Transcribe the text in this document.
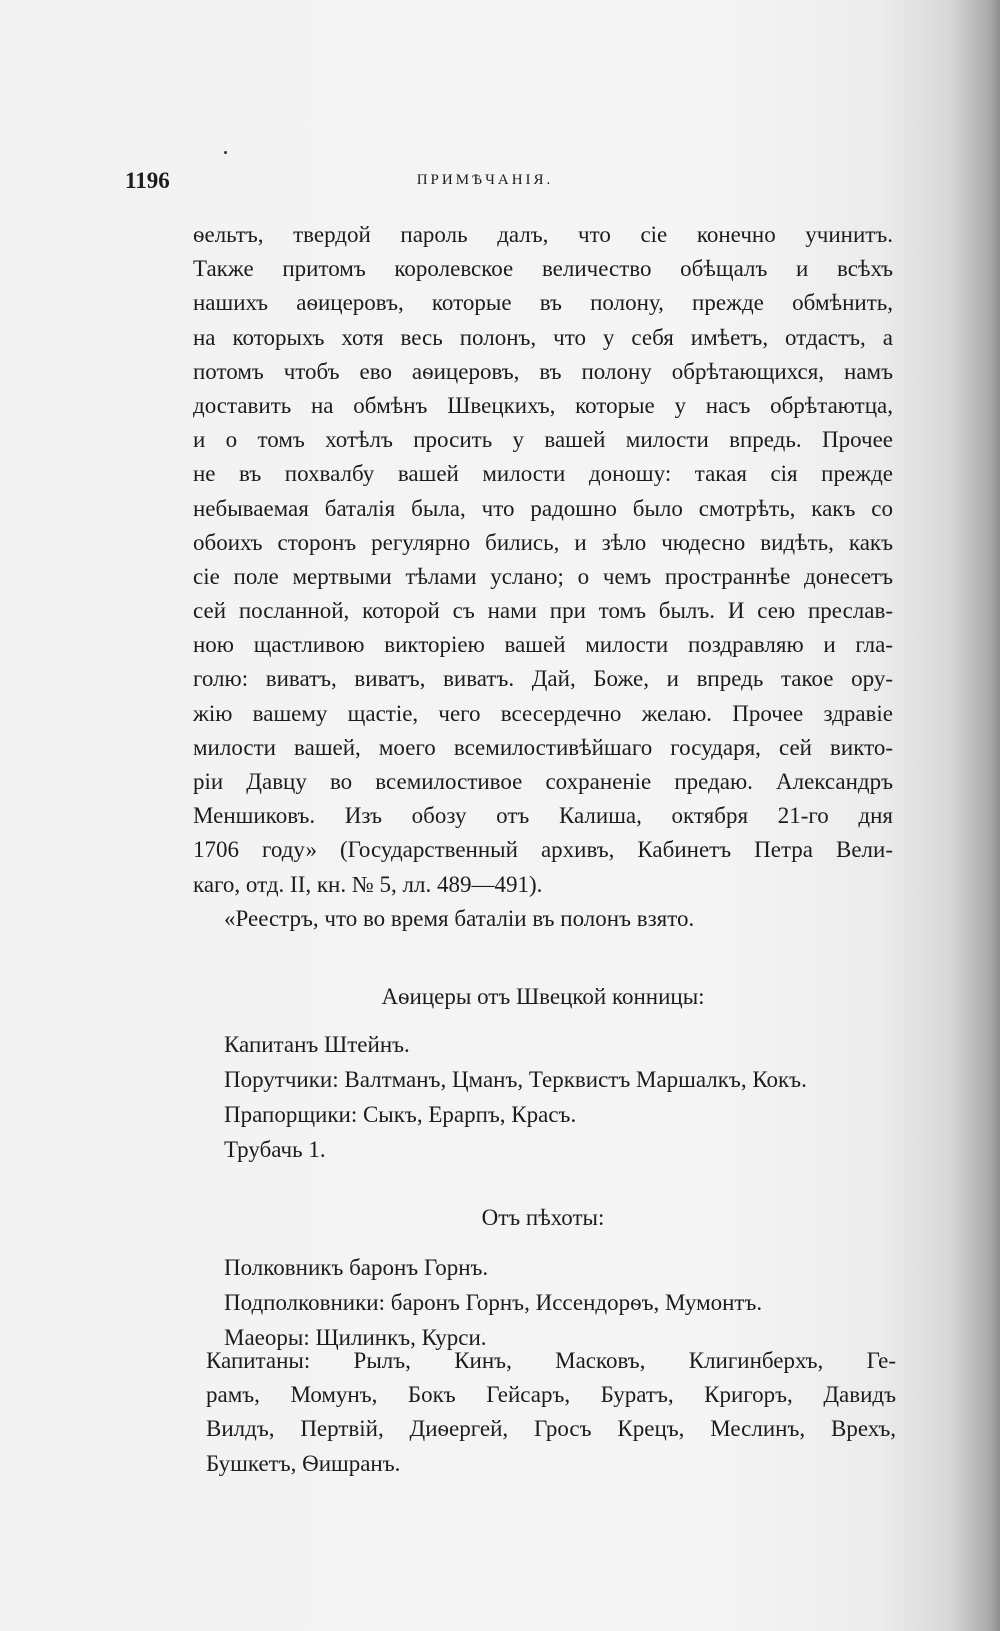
1196	ПРИМѢЧАНІЯ.
ѳельтъ, твердой пароль далъ, что сіе конечно учинитъ.
Также притомъ королевское величество обѣщалъ и всѣхъ
нашихъ аѳицеровъ, которые въ полону, прежде обмѣнить,
на которыхъ хотя весь полонъ, что у себя имѣетъ, отдастъ, а
потомъ чтобъ ево аѳицеровъ, въ полону обрѣтающихся, намъ
доставить на обмѣнъ Швецкихъ, которые у насъ обрѣтаютца,
и о томъ хотѣлъ просить у вашей милости впредь. Прочее
не въ похвалбу вашей милости доношу: такая сія прежде
небываемая баталія была, что радошно было смотрѣть, какъ со
обоихъ сторонъ регулярно бились, и зѣло чюдесно видѣть, какъ
сіе поле мертвыми тѣлами услано; о чемъ пространнѣе донесетъ
сей посланной, которой съ нами при томъ былъ. И сею преслав-
ною щастливою викторіею вашей милости поздравляю и гла-
голю: виватъ, виватъ, виватъ. Дай, Боже, и впредь такое ору-
жію вашему щастіе, чего всесердечно желаю. Прочее здравіе
милости вашей, моего всемилостивѣйшаго государя, сей викто-
ріи Давцу во всемилостивое сохраненіе предаю. Александръ
Меншиковъ. Изъ обозу отъ Калиша, октября 21-го дня
1706 году» (Государственный архивъ, Кабинетъ Петра Вели-
каго, отд. II, кн. № 5, лл. 489—491).
«Реестръ, что во время баталіи въ полонъ взято.
Аѳицеры отъ Швецкой конницы:
Капитанъ Штейнъ.
Порутчики: Валтманъ, Цманъ, Терквистъ Маршалкъ, Кокъ.
Прапорщики: Сыкъ, Ерарпъ, Красъ.
Трубачь 1.
Отъ пѣхоты:
Полковникъ баронъ Горнъ.
Подполковники: баронъ Горнъ, Иссендорѳъ, Мумонтъ.
Маеоры: Щилинкъ, Курси.
Капитаны: Рылъ, Кинъ, Масковъ, Клигинберхъ, Ге-
рамъ, Момунъ, Бокъ Гейсаръ, Буратъ, Кригоръ, Давидъ
Вилдъ, Пертвій, Диѳергей, Гросъ Крецъ, Меслинъ, Врехъ,
Бушкетъ, Ѳишранъ.
